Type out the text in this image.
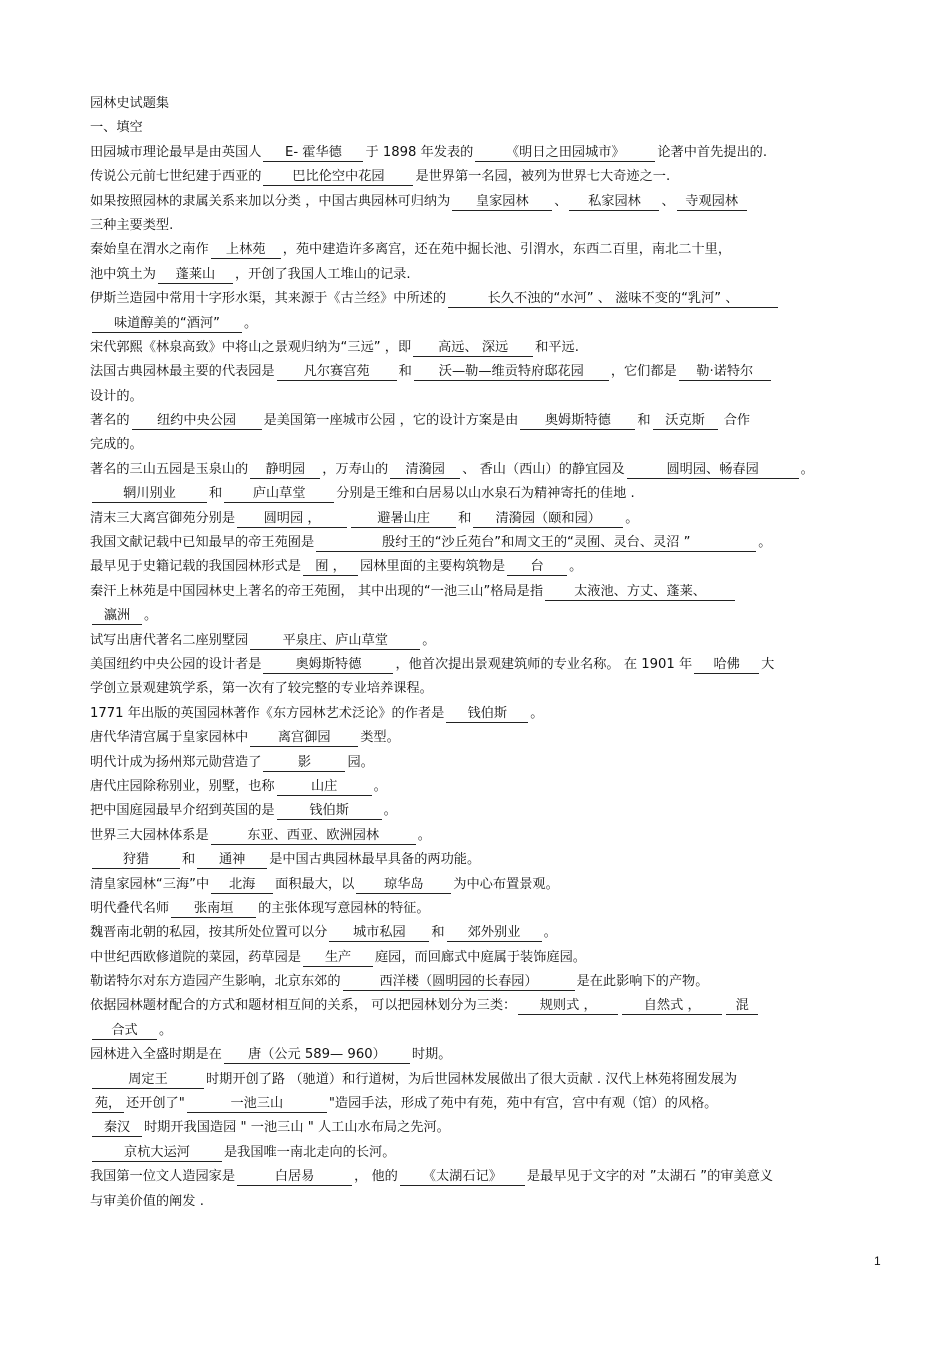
园林史试题集
一、填空
田园城市理论最早是由英国人 E- 霍华德 于 1898 年发表的 《明日之田园城市》 论著中首先提出的.
传说公元前七世纪建于西亚的 巴比伦空中花园 是世界第一名园，被列为世界七大奇迹之一.
如果按照园林的隶属关系来加以分类 ，中国古典园林可归纳为 皇家园林 、 私家园林 、 寺观园林
三种主要类型.
秦始皇在渭水之南作 上林苑 ，苑中建造许多离宫，还在苑中掘长池、引渭水，东西二百里，南北二十里，
池中筑土为 蓬莱山 ，开创了我国人工堆山的记录.
伊斯兰造园中常用十字形水渠，其来源于《古兰经》中所述的	长久不浊的“水河” 、 滋味不变的“乳河” 、
味道醇美的“酒河”。
宋代郭熙《林泉高致》中将山之景观归纳为“三远” ，即 高远、 深远 和平远.
法国古典园林最主要的代表园是 凡尔赛宫苑 和 沃—勒—维贡特府邸花园 ，它们都是 勒·诺特尔
设计的。
著名的 纽约中央公园 是美国第一座城市公园 ，它的设计方案是由 奥姆斯特德 和 沃克斯 合作
完成的。
著名的三山五园是玉泉山的 静明园 ，万寿山的 清漪园 、 香山（西山）的静宜园及	圆明园、畅春园	。
辋川别业	和 庐山草堂 分别是王维和白居易以山水泉石为精神寄托的佳地 .
清末三大离宫御苑分别是 圆明园 ，	避暑山庄 和 清漪园（颐和园） 。
我国文献记载中已知最早的帝王苑囿是	殷纣王的“沙丘苑台”和周文王的“灵囿、灵台、灵沼 ”	。
最早见于史籍记载的我国园林形式是 囿 ， 园林里面的主要构筑物是 台 。
秦汗上林苑是中国园林史上著名的帝王苑囿， 其中出现的“一池三山”格局是指 太液池、方丈、蓬莱、
瀛洲 。
试写出唐代著名二座别墅园	平泉庄、庐山草堂	。
美国纽约中央公园的设计者是	奥姆斯特德	，他首次提出景观建筑师的专业名称。 在 1901 年 哈佛 大
学创立景观建筑学系，第一次有了较完整的专业培养课程。
1771 年出版的英国园林著作《东方园林艺术泛论》的作者是 钱伯斯 。
唐代华清宫属于皇家园林中 离宫御园 类型。
明代计成为扬州郑元勋营造了	影	园。
唐代庄园除称别业，别墅，也称	山庄	。
把中国庭园最早介绍到英国的是	钱伯斯	。
世界三大园林体系是	东亚、西亚、欧洲园林	。
狩猎 和 通神 是中国古典园林最早具备的两功能。
清皇家园林“三海”中 北海 面积最大，以 琼华岛 为中心布置景观。
明代叠代名师 张南垣 的主张体现写意园林的特征。
魏晋南北朝的私园，按其所处位置可以分 城市私园 和 郊外别业 。
中世纪西欧修道院的菜园，药草园是 生产 庭园，而回廊式中庭属于装饰庭园。
勒诺特尔对东方造园产生影响，北京东郊的	西洋楼（圆明园的长春园）	是在此影响下的产物。
依据园林题材配合的方式和题材相互间的关系， 可以把园林划分为三类： 规则式 ，	自然式 ，	混
合式 。
园林进入全盛时期是在 唐（公元 589— 960） 时期。
周定王	时期开创了路 （驰道）和行道树，为后世园林发展做出了很大贡献 . 汉代上林苑将囿发展为
苑， 还开创了"	一池三山	"造园手法，形成了苑中有苑，苑中有宫，宫中有观（馆）的风格。
秦汉 时期开我国造园 " 一池三山 " 人工山水布局之先河。
京杭大运河	是我国唯一南北走向的长河。
我国第一位文人造园家是	白居易	， 他的 《太湖石记》 是最早见于文字的对 ”太湖石 ”的审美意义
与审美价值的阐发 .
1
